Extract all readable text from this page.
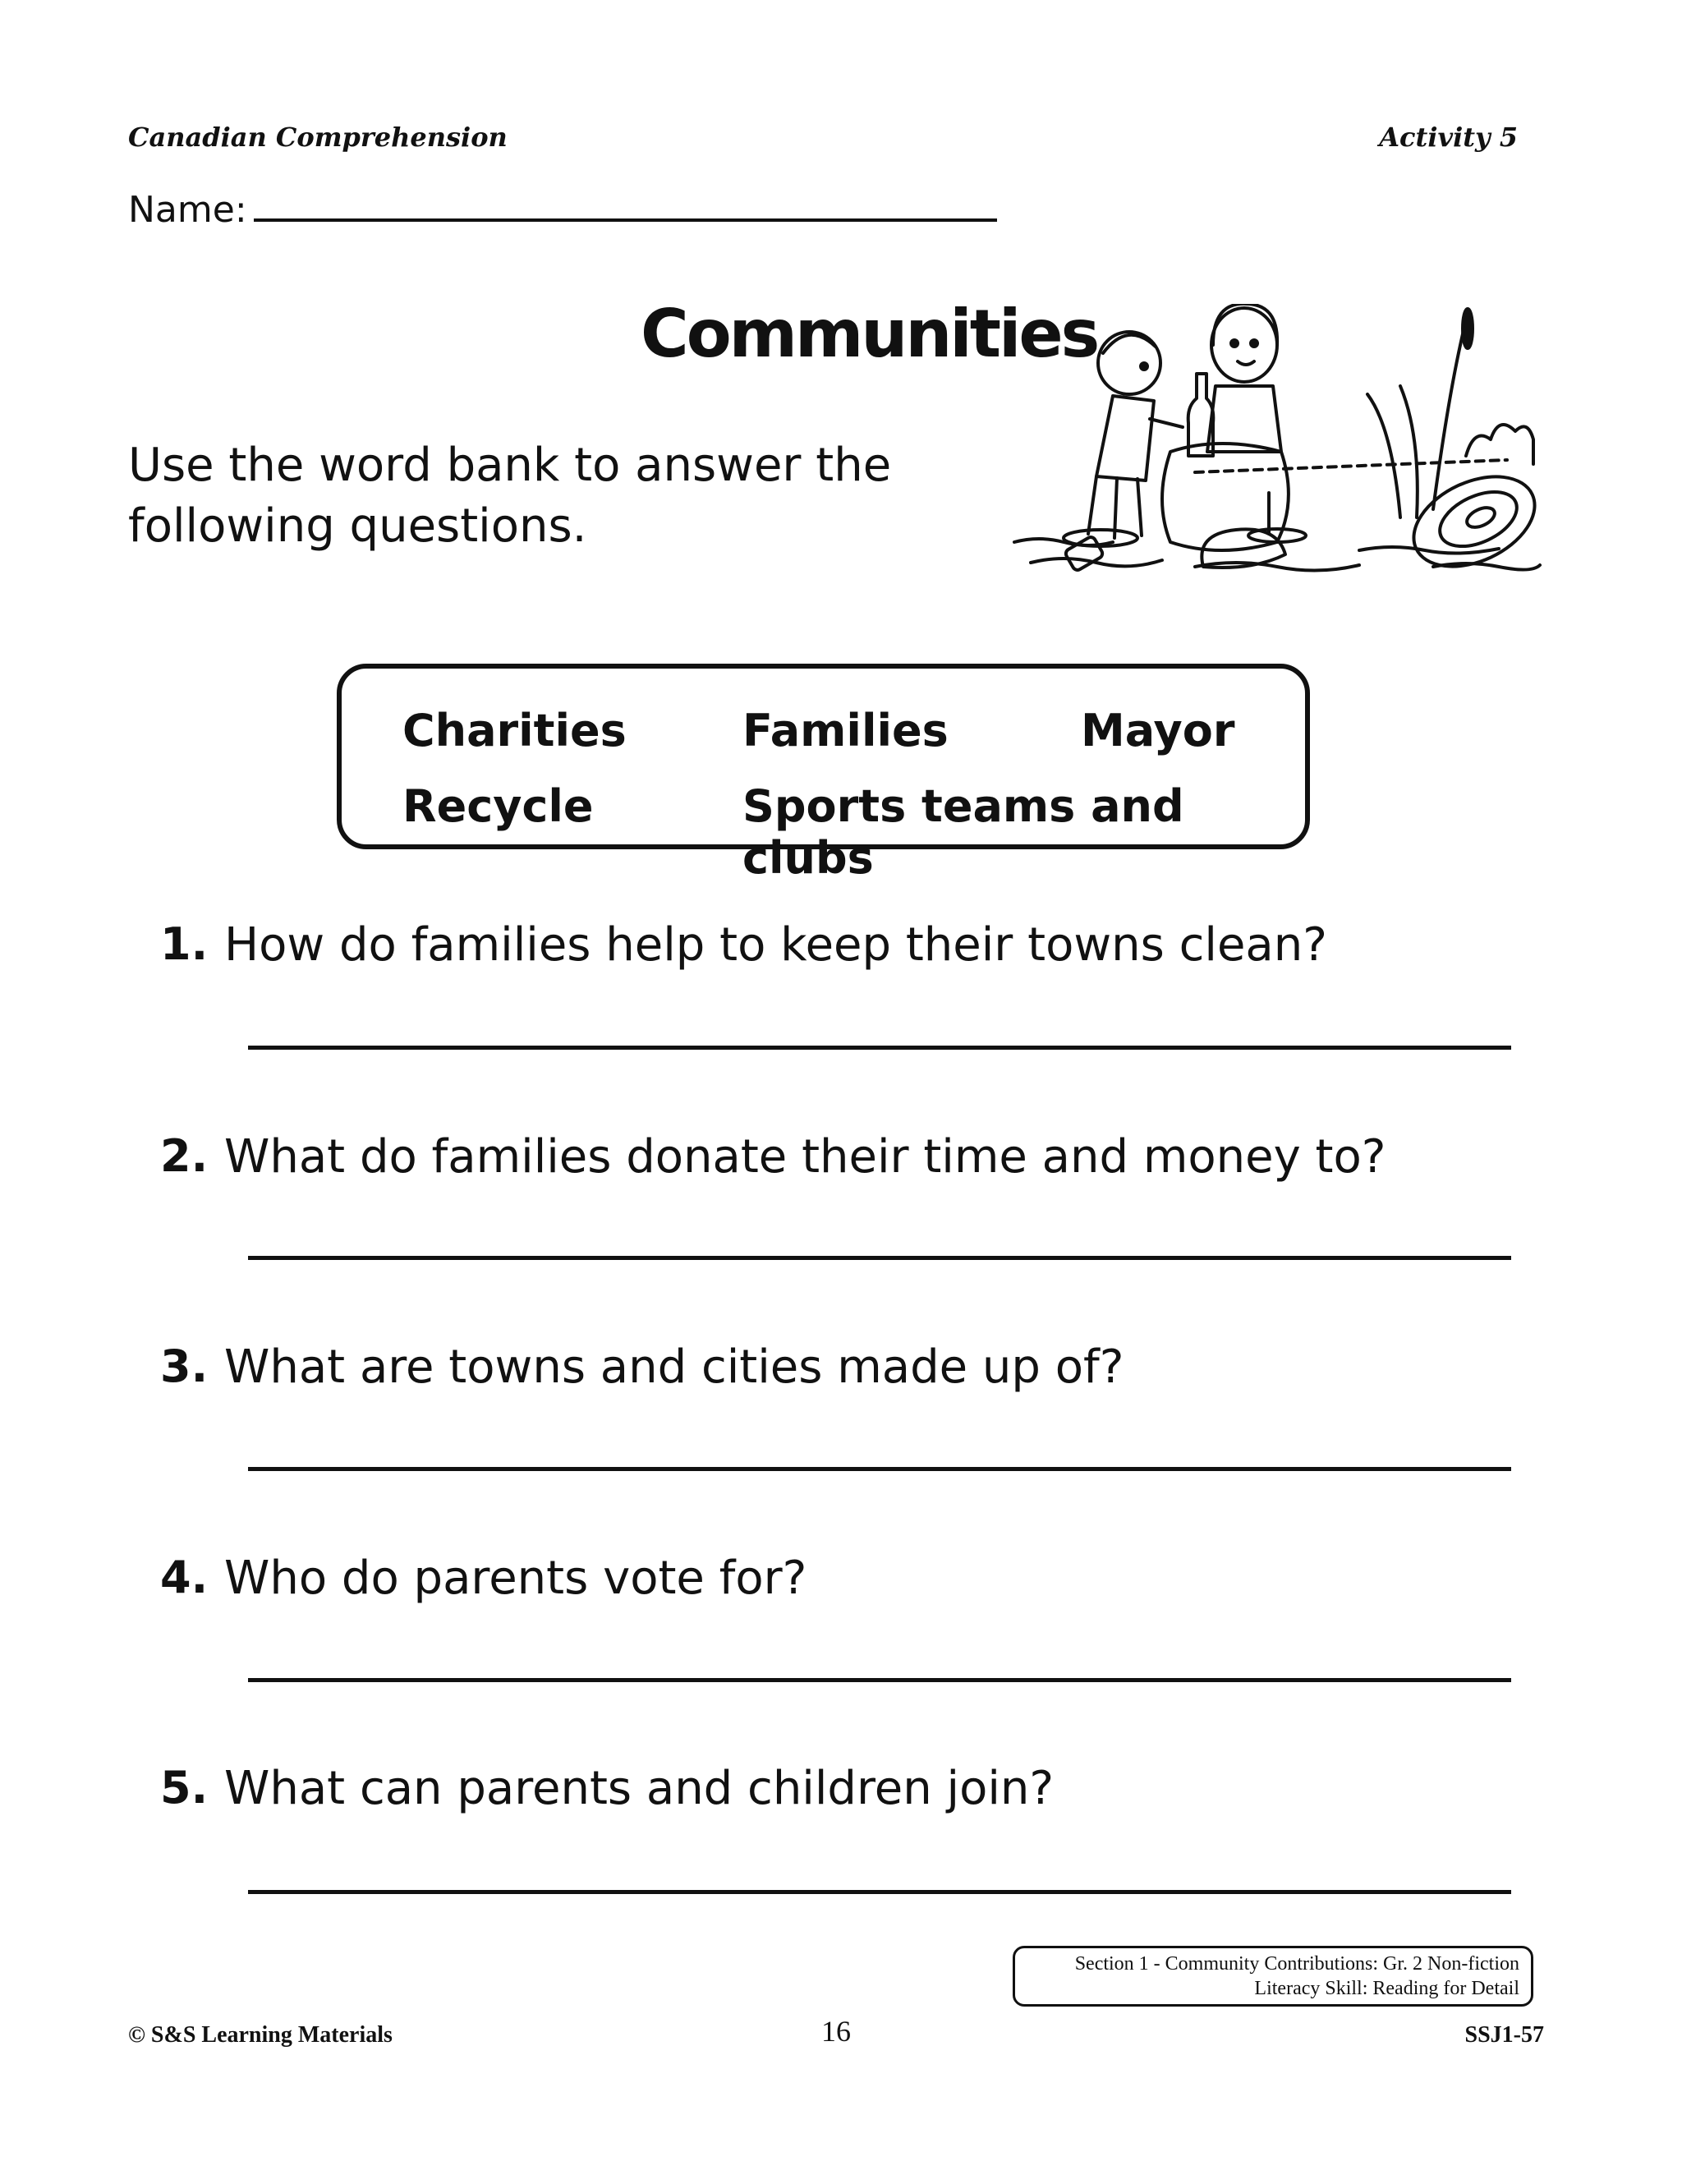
Canadian Comprehension	Activity 5
Name:
Communities
Use the word bank to answer the following questions.
Charities	Families	Mayor
Recycle	Sports teams and clubs
1. How do families help to keep their towns clean?
2. What do families donate their time and money to?
3. What are towns and cities made up of?
4. Who do parents vote for?
5. What can parents and children join?
Section 1 - Community Contributions: Gr. 2 Non-fiction
Literacy Skill: Reading for Detail
© S&S Learning Materials	16	SSJ1-57
